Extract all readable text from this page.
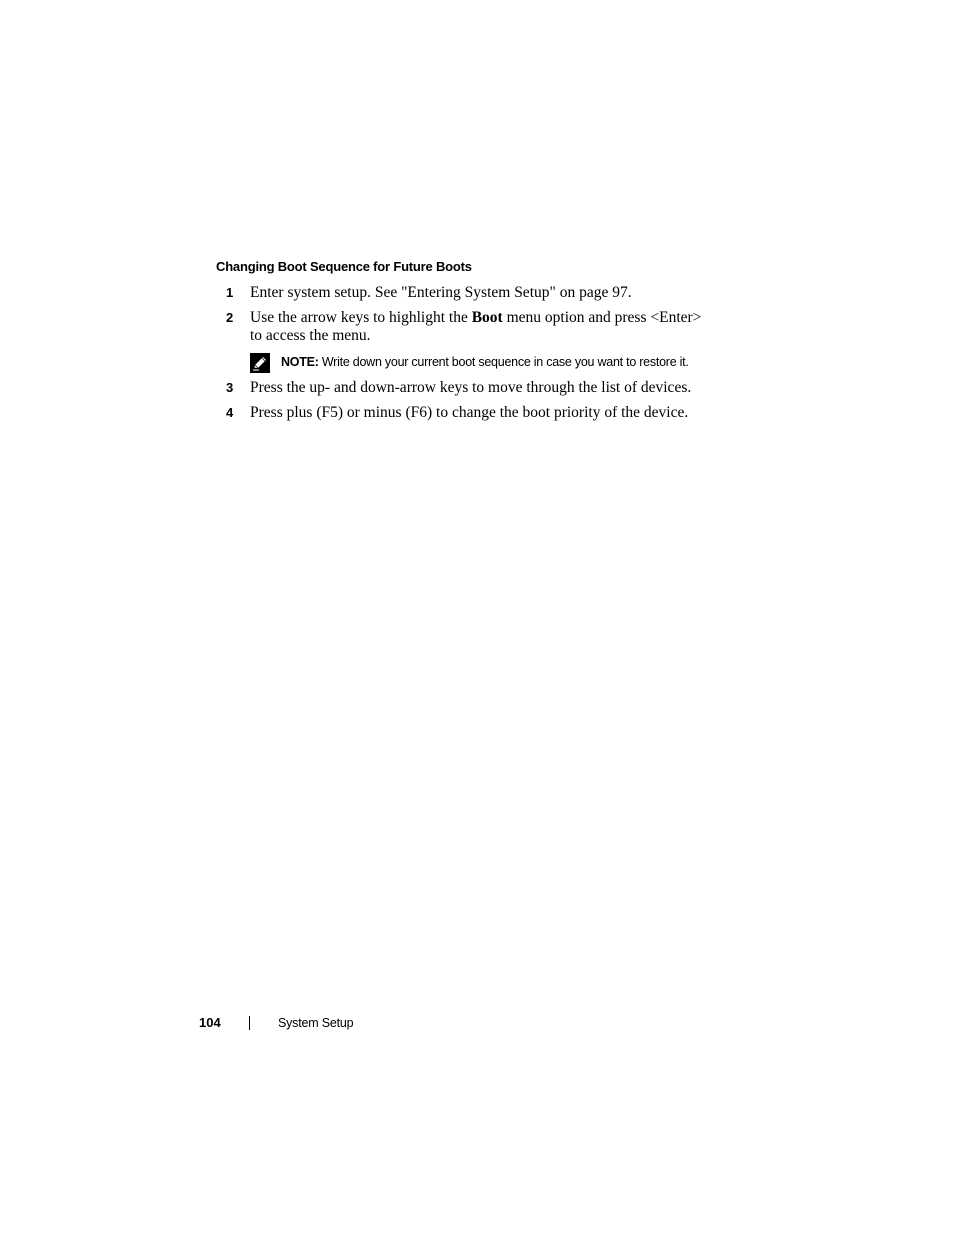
Changing Boot Sequence for Future Boots
1 Enter system setup. See "Entering System Setup" on page 97.
2 Use the arrow keys to highlight the Boot menu option and press <Enter>
to access the menu.
NOTE: Write down your current boot sequence in case you want to restore it.
3 Press the up- and down-arrow keys to move through the list of devices.
4 Press plus (F5) or minus (F6) to change the boot priority of the device.
104	System Setup
